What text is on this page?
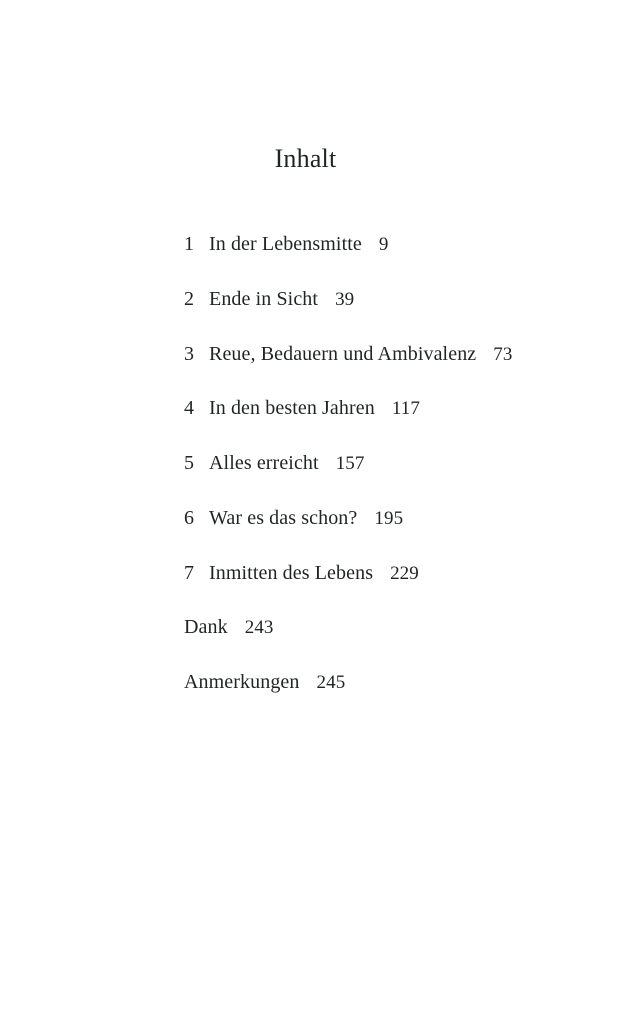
Inhalt
1 In der Lebensmitte 9
2 Ende in Sicht 39
3 Reue, Bedauern und Ambivalenz 73
4 In den besten Jahren 117
5 Alles erreicht 157
6 War es das schon? 195
7 Inmitten des Lebens 229
Dank 243
Anmerkungen 245
